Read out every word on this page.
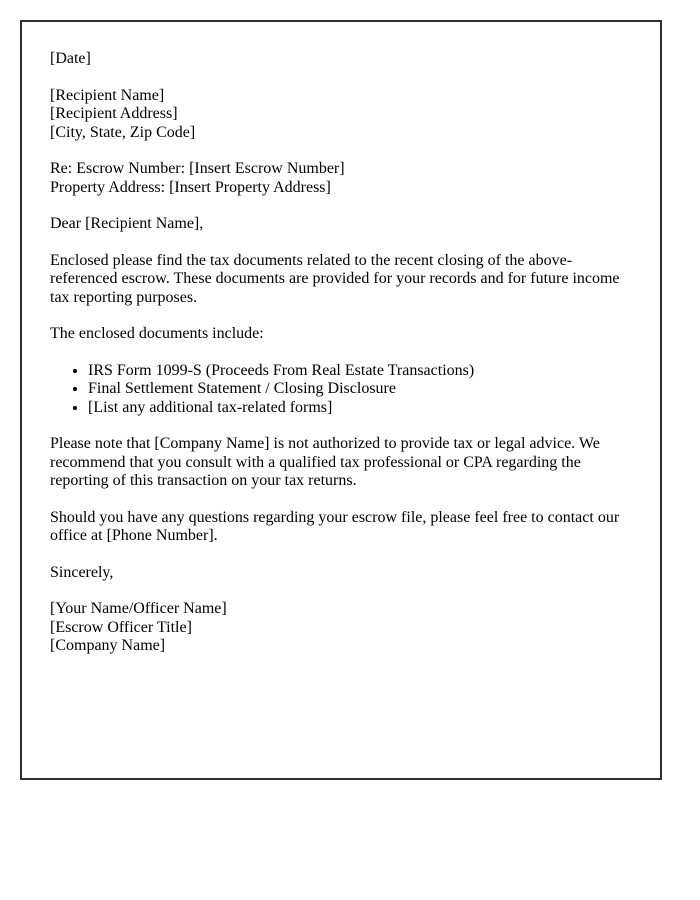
[Date]

[Recipient Name]
[Recipient Address]
[City, State, Zip Code]

Re: Escrow Number: [Insert Escrow Number]
Property Address: [Insert Property Address]

Dear [Recipient Name],

Enclosed please find the tax documents related to the recent closing of the above-referenced escrow. These documents are provided for your records and for future income tax reporting purposes.

The enclosed documents include:

• IRS Form 1099-S (Proceeds From Real Estate Transactions)
• Final Settlement Statement / Closing Disclosure
• [List any additional tax-related forms]

Please note that [Company Name] is not authorized to provide tax or legal advice. We recommend that you consult with a qualified tax professional or CPA regarding the reporting of this transaction on your tax returns.

Should you have any questions regarding your escrow file, please feel free to contact our office at [Phone Number].

Sincerely,

[Your Name/Officer Name]
[Escrow Officer Title]
[Company Name]
